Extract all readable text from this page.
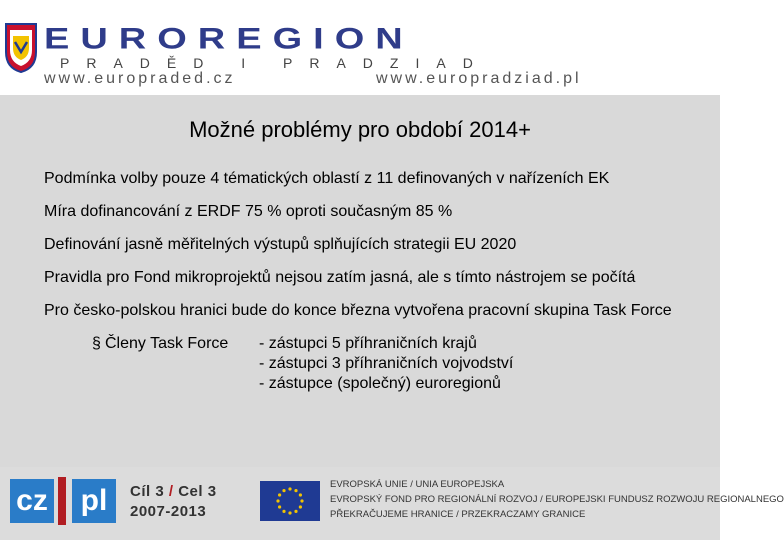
EUROREGION
PRADĚD I PRADZIAD
www.europraded.cz	www.europradziad.pl
Možné problémy pro období 2014+
Podmínka volby pouze 4 tématických oblastí z 11 definovaných v nařízeních EK
Míra dofinancování z ERDF 75 % oproti současným 85 %
Definování jasně měřitelných výstupů splňujících strategii EU 2020
Pravidla pro Fond mikroprojektů nejsou zatím jasná, ale s tímto nástrojem se počítá
Pro česko-polskou hranici bude do konce března vytvořena pracovní skupina Task Force
§ Členy Task Force - zástupci 5 příhraničních krajů
- zástupci 3 příhraničních vojvodství
- zástupce (společný) euroregionů
cz pl	Cíl 3 / Cel 3
2007-2013
EVROPSKÁ UNIE / UNIA EUROPEJSKA
EVROPSKÝ FOND PRO REGIONÁLNÍ ROZVOJ / EUROPEJSKI FUNDUSZ ROZWOJU REGIONALNEGO
PŘEKRAČUJEME HRANICE / PRZEKRACZAMY GRANICE
